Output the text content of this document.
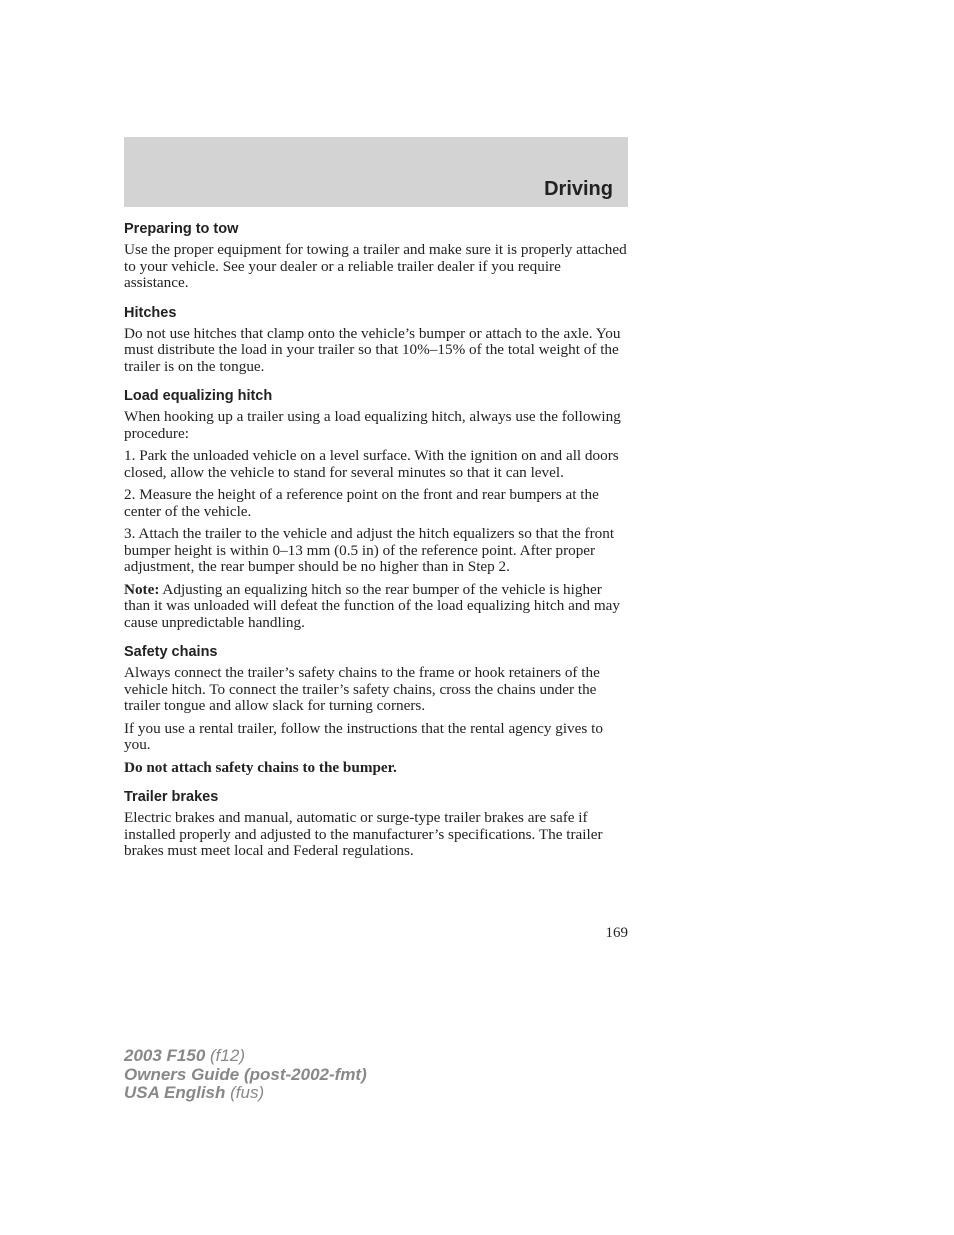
Driving
Preparing to tow

Use the proper equipment for towing a trailer and make sure it is properly attached to your vehicle. See your dealer or a reliable trailer dealer if you require assistance.

Hitches

Do not use hitches that clamp onto the vehicle’s bumper or attach to the axle. You must distribute the load in your trailer so that 10%–15% of the total weight of the trailer is on the tongue.

Load equalizing hitch

When hooking up a trailer using a load equalizing hitch, always use the following procedure:

1. Park the unloaded vehicle on a level surface. With the ignition on and all doors closed, allow the vehicle to stand for several minutes so that it can level.

2. Measure the height of a reference point on the front and rear bumpers at the center of the vehicle.

3. Attach the trailer to the vehicle and adjust the hitch equalizers so that the front bumper height is within 0–13 mm (0.5 in) of the reference point. After proper adjustment, the rear bumper should be no higher than in Step 2.

Note: Adjusting an equalizing hitch so the rear bumper of the vehicle is higher than it was unloaded will defeat the function of the load equalizing hitch and may cause unpredictable handling.

Safety chains

Always connect the trailer’s safety chains to the frame or hook retainers of the vehicle hitch. To connect the trailer’s safety chains, cross the chains under the trailer tongue and allow slack for turning corners.

If you use a rental trailer, follow the instructions that the rental agency gives to you.

Do not attach safety chains to the bumper.

Trailer brakes

Electric brakes and manual, automatic or surge-type trailer brakes are safe if installed properly and adjusted to the manufacturer’s specifications. The trailer brakes must meet local and Federal regulations.

169
2003 F150 (f12)
Owners Guide (post-2002-fmt)
USA English (fus)
